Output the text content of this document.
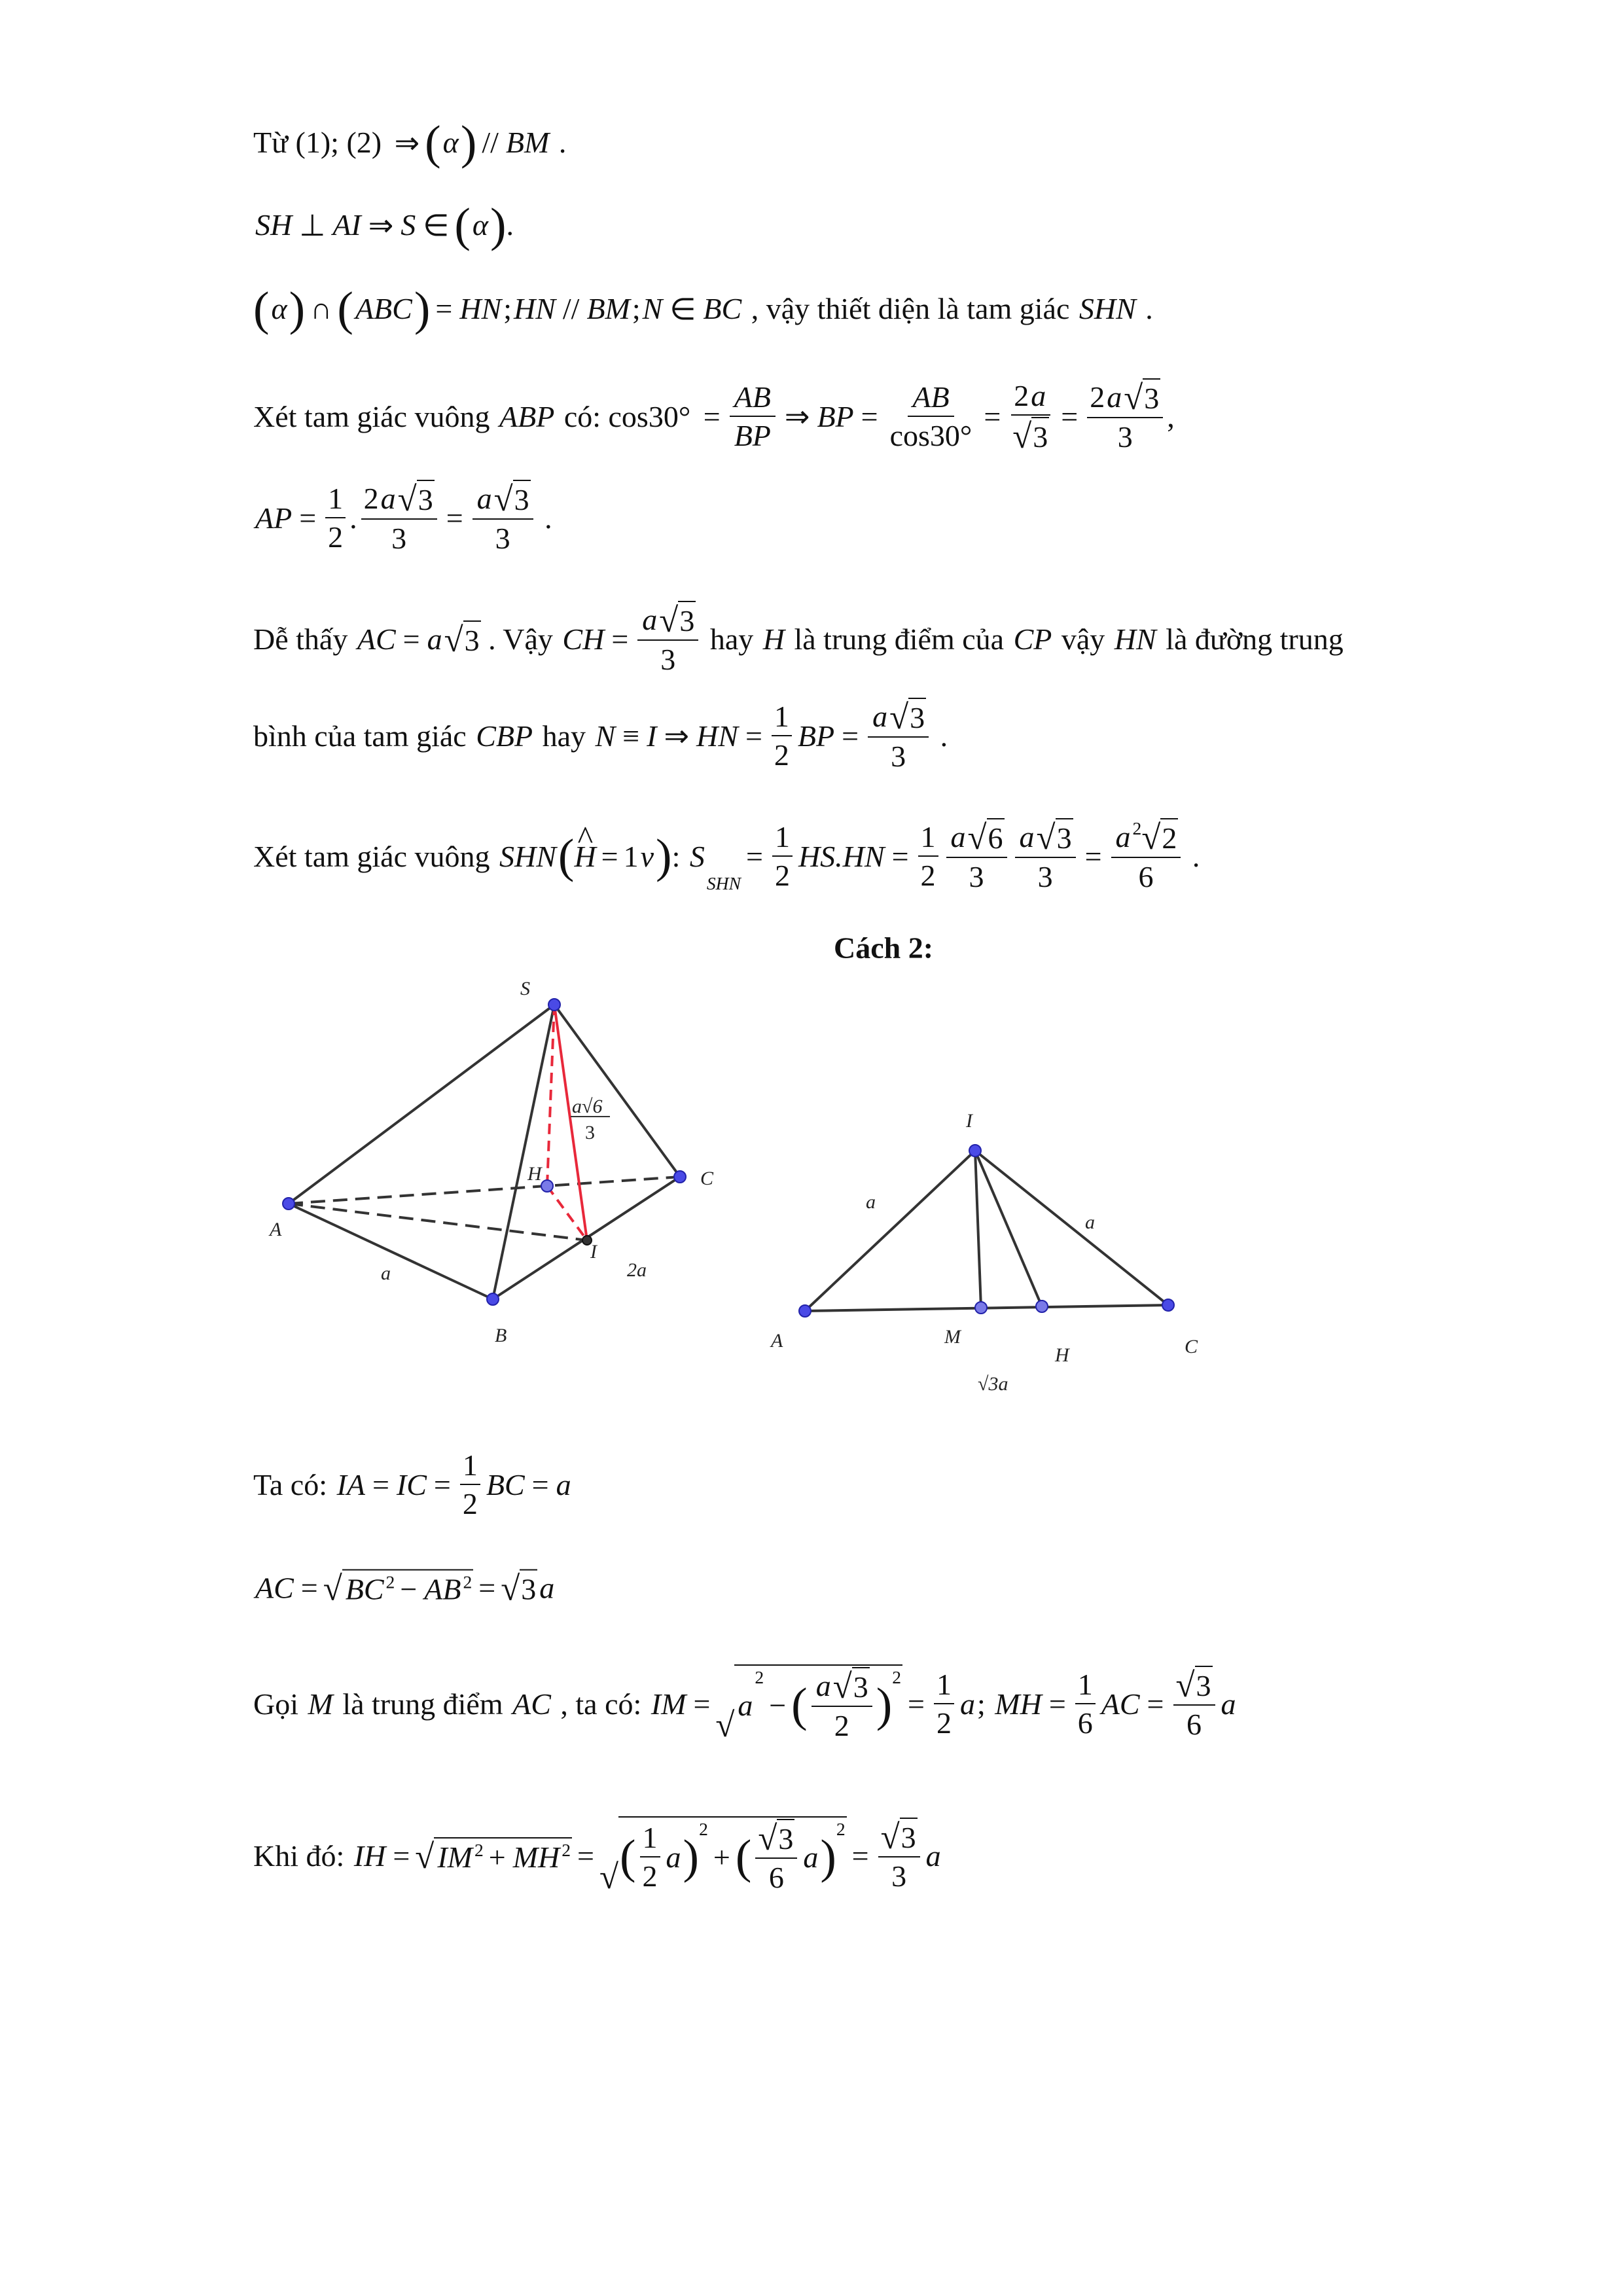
Từ (1); (2) ⇒ ( α ) // BM .
SH ⊥ AI ⇒ S ∈ ( α ) .
( α ) ∩ ( ABC ) = HN ; HN // BM ; N ∈ BC , vậy thiết diện là tam giác SHN .
Xét tam giác vuông ABP có: $\cos 30^\circ = \frac{AB}{BP}$ ⇒ BP = $\frac{AB}{\cos 30^\circ} = \frac{2 a}{√ 3} = \frac{2 a √ 3}{3}$ ,
AP = $\frac{1}{2}$ . $\frac{2 a √ 3}{3} = \frac{a √ 3}{3}$ .
Dễ thấy AC = a √ 3 . Vậy CH = $\frac{a √ 3}{3}$ hay H là trung điểm của CP vậy HN là đường trung
bình của tam giác CBP hay N ≡ I ⇒ HN = $\frac{1}{2}$ BP = $\frac{a √ 3}{3}$ .
Xét tam giác vuông SHN ( ^ H = 1 v ) : S
SHN
= $\frac{1}{2} HS.HN = \frac{1}{2} \frac{a √ 6}{3} \frac{a √ 3}{3} = \frac{a 2 √ 2}{6}$ .
Ta có: IA = IC = $\frac{1}{2}$ BC = a
AC = √ BC 2 − AB 2 = √ 3 a
Gọi M là trung điểm AC , ta có: IM =
√
a
2
− ( $\frac{a √ 3}{2}$ )
2
= $\frac{1}{2}$ a ; MH = $\frac{1}{6}$ AC = $\frac{√ 3}{6}$ a
Khi đó: IH = √ IM 2 + MH 2 =
√ ( $\frac{1}{2}$ a )
2
+ ( $\frac{√ 3}{6}$ a )
2
= $\frac{√ 3}{3}$ a
Cách 2:
S
A
B
C
H
I
a	2a
a√6
3
I
A	M
H	C
a
a
√3a
